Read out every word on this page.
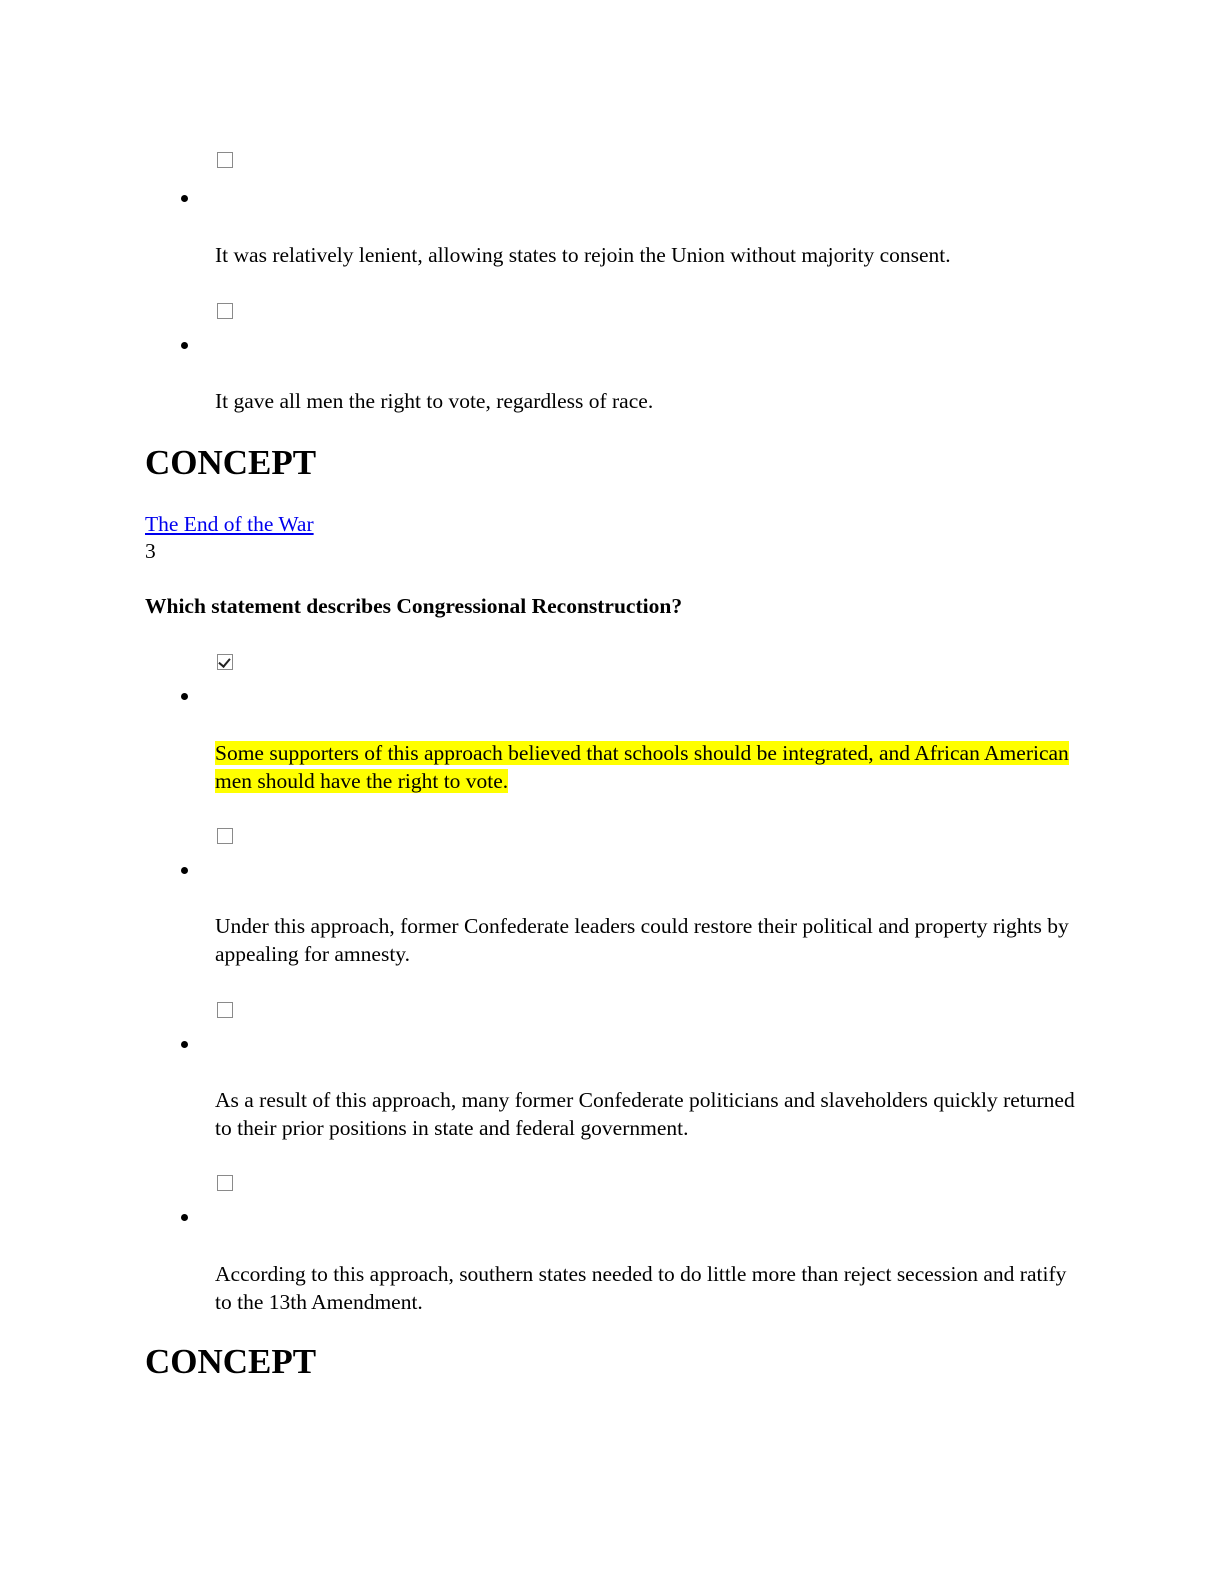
It was relatively lenient, allowing states to rejoin the Union without majority consent.
It gave all men the right to vote, regardless of race.
CONCEPT
The End of the War
3
Which statement describes Congressional Reconstruction?
Some supporters of this approach believed that schools should be integrated, and African American men should have the right to vote.
Under this approach, former Confederate leaders could restore their political and property rights by appealing for amnesty.
As a result of this approach, many former Confederate politicians and slaveholders quickly returned to their prior positions in state and federal government.
According to this approach, southern states needed to do little more than reject secession and ratify to the 13th Amendment.
CONCEPT
